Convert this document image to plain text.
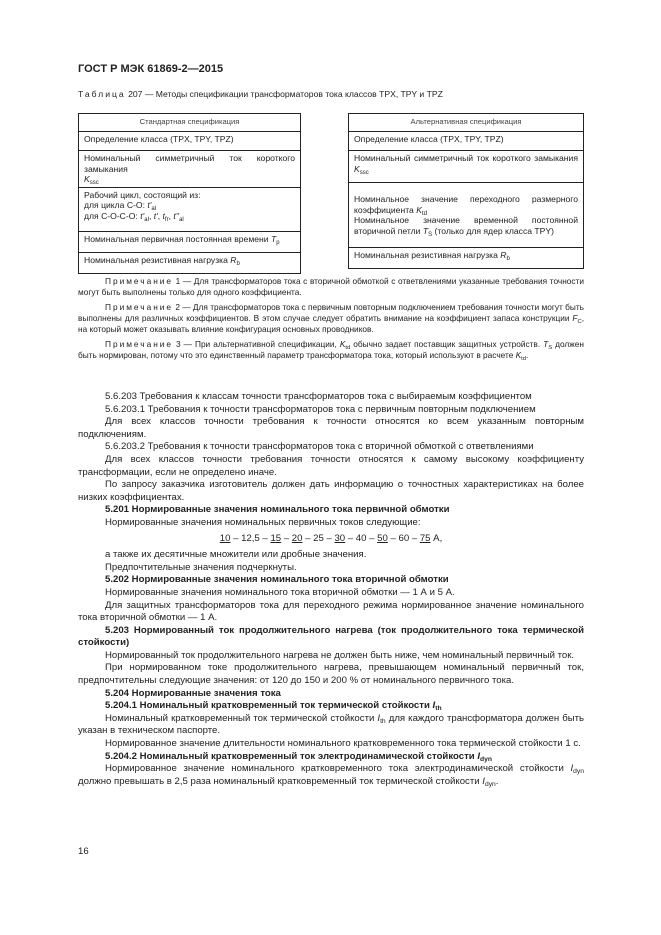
ГОСТ Р МЭК 61869-2—2015
Таблица 207 — Методы спецификации трансформаторов тока классов TPX, TPY и TPZ
Стандартная спецификация

Определение класса (TPX, TPY, TPZ)

Номинальный симметричный ток короткого замыкания
$K_{ssc}$

Рабочий цикл, состоящий из:
для цикла С-О: $t'_{al}$
для С-О-С-О: $t'_{al}$, t', $t_{fr}$, $t''_{al}$

Номинальная первичная постоянная времени $T_p$

Номинальная резистивная нагрузка $R_b$
Альтернативная спецификация

Определение класса (TPX, TPY, TPZ)

Номинальный симметричный ток короткого замыкания $K_{ssc}$

Номинальное значение переходного размерного коэффициента $K_{td}$
Номинальное значение временной постоянной вторичной петли $T_S$ (только для ядер класса TPY)

Номинальная резистивная нагрузка $R_b$

Примечание 1 — Для трансформаторов тока с вторичной обмоткой с ответвлениями указанные требования точности могут быть выполнены только для одного коэффициента.

Примечание 2 — Для трансформаторов тока с первичным повторным подключением требования точности могут быть выполнены для различных коэффициентов. В этом случае следует обратить внимание на коэффициент запаса конструкции $F_C$, на который может оказывать влияние конфигурация основных проводников.

Примечание 3 — При альтернативной спецификации, $K_{td}$ обычно задает поставщик защитных устройств. $T_S$ должен быть нормирован, потому что это единственный параметр трансформатора тока, который используют в расчете $K_{td}$.

5.6.203 Требования к классам точности трансформаторов тока с выбираемым коэффициентом

5.6.203.1 Требования к точности трансформаторов тока с первичным повторным подключением

Для всех классов точности требования к точности относятся ко всем указанным повторным подключениям.

5.6.203.2 Требования к точности трансформаторов тока с вторичной обмоткой с ответвлениями

Для всех классов точности требования точности относятся к самому высокому коэффициенту трансформации, если не определено иначе.

По запросу заказчика изготовитель должен дать информацию о точностных характеристиках на более низких коэффициентах.

5.201 Нормированные значения номинального тока первичной обмотки

Нормированные значения номинальных первичных токов следующие:

10 – 12,5 – 15 – 20 – 25 – 30 – 40 – 50 – 60 – 75 А,

а также их десятичные множители или дробные значения.

Предпочтительные значения подчеркнуты.

5.202 Нормированные значения номинального тока вторичной обмотки

Нормированные значения номинального тока вторичной обмотки — 1 А и 5 А.

Для защитных трансформаторов тока для переходного режима нормированное значение номинального тока вторичной обмотки — 1 А.

5.203 Нормированный ток продолжительного нагрева (ток продолжительного тока термической стойкости)

Нормированный ток продолжительного нагрева не должен быть ниже, чем номинальный первичный ток.

При нормированном токе продолжительного нагрева, превышающем номинальный первичный ток, предпочтительны следующие значения: от 120 до 150 и 200 % от номинального первичного тока.

5.204 Нормированные значения тока

5.204.1 Номинальный кратковременный ток термической стойкости $I_{th}$

Номинальный кратковременный ток термической стойкости $I_{th}$ для каждого трансформатора должен быть указан в техническом паспорте.

Нормированное значение длительности номинального кратковременного тока термической стойкости 1 с.

5.204.2 Номинальный кратковременный ток электродинамической стойкости $I_{dyn}$

Нормированное значение номинального кратковременного тока электродинамической стойкости $I_{dyn}$ должно превышать в 2,5 раза номинальный кратковременный ток термической стойкости $I_{dyn}$.

16
